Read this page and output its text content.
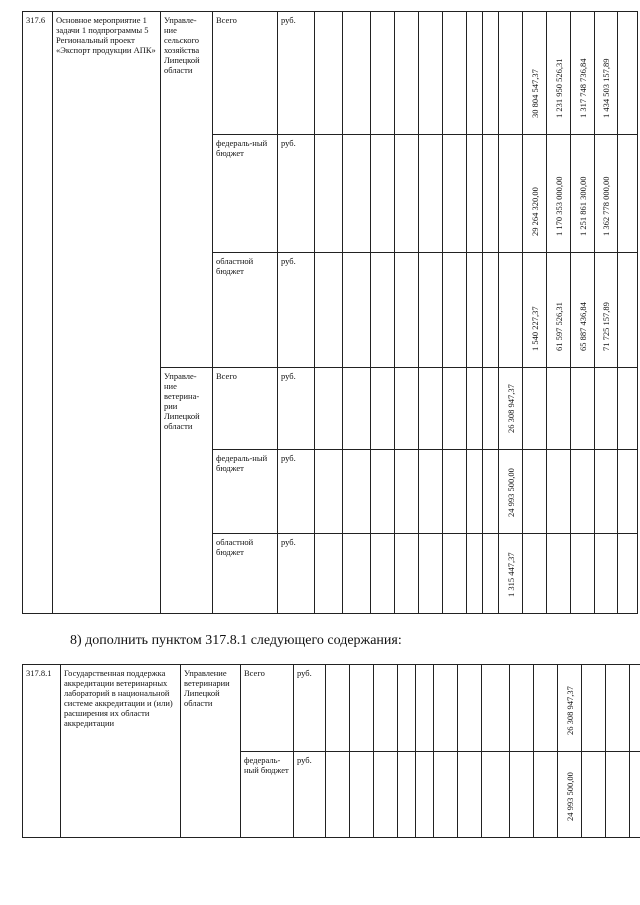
317.6	Основное мероприятие 1 задачи 1 подпрограммы 5 Региональный проект «Экспорт продукции АПК»	Управле-ние сельского хозяйства Липецкой области	Всего	руб.										30 804 547,37	1 231 950 526,31	1 317 748 736,84	1 434 503 157,89	

			федераль-ный бюджет	руб.										29 264 320,00	1 170 353 000,00	1 251 861 300,00	1 362 778 000,00	

			областной бюджет	руб.										1 540 227,37	61 597 526,31	65 887 436,84	71 725 157,89	

		Управле-ние ветерина-рии Липецкой области	Всего	руб.									26 308 947,37					

			федераль-ный бюджет	руб.									24 993 500,00					

			областной бюджет	руб.									1 315 447,37					

8) дополнить пунктом 317.8.1 следующего содержания:
317.8.1	Государственная поддержка аккредитации ветеринарных лабораторий в национальной системе аккредитации и (или) расширения их области аккредитации	Управление ветеринарии Липецкой области	Всего	руб.											26 308 947,37			

			федераль-ный бюджет	руб.											24 993 500,00			
